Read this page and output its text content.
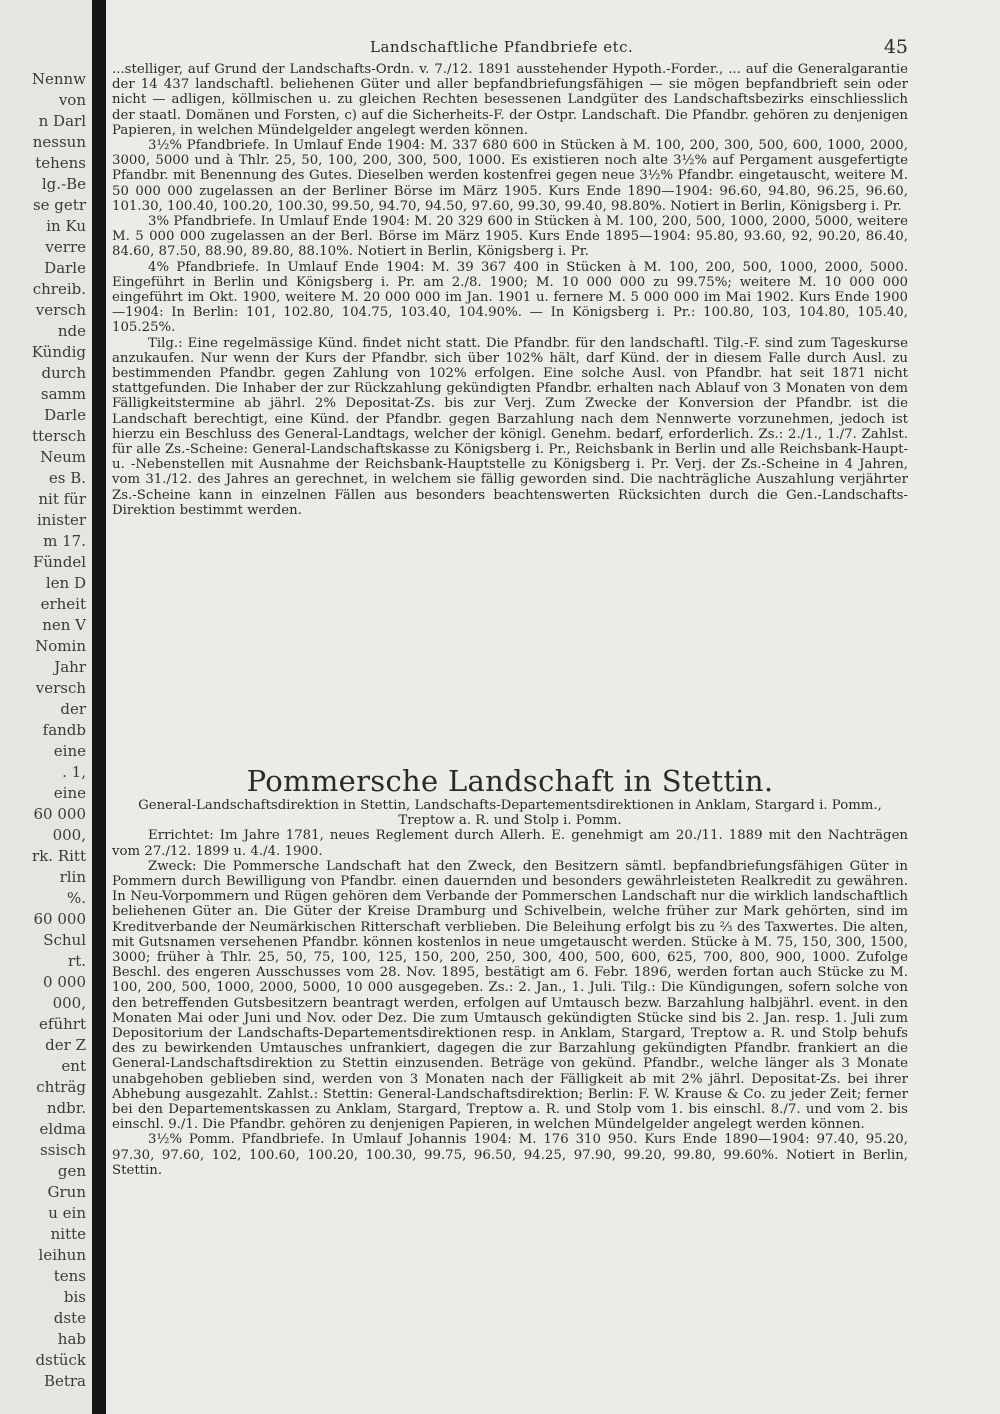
Nennw
von
n Darl
nessun
tehens
lg.-Be
se getr
in Ku
verre
Darle
chreib.
versch
nde
Kündig
durch
samm
Darle
ttersch
Neum
es B.
nit für
inister
m 17.
Fündel
len D
erheit
nen V
Nomin
Jahr
versch
der
fandb
eine
. 1,
eine
60 000
000,
rk. Ritt
rlin
%.
60 000
Schul
rt.
0 000
000,
eführt
der Z
ent
chträg
ndbr.
eldma
ssisch
gen
Grun
u ein
nitte
leihun
tens
bis
dste
hab
dstück
Betra
Landschaftliche Pfandbriefe etc.	45

...stelliger, auf Grund der Landschafts-Ordn. v. 7./12. 1891 ausstehender Hypoth.-Forder., ... auf die Generalgarantie der 14 437 landschaftl. beliehenen Güter und aller bepfandbriefungsfähigen — sie mögen bepfandbrieft sein oder nicht — adligen, köllmischen u. zu gleichen Rechten besessenen Landgüter des Landschaftsbezirks einschliesslich der staatl. Domänen und Forsten, c) auf die Sicherheits-F. der Ostpr. Landschaft. Die Pfandbr. gehören zu denjenigen Papieren, in welchen Mündelgelder angelegt werden können.

3½% Pfandbriefe. In Umlauf Ende 1904: M. 337 680 600 in Stücken à M. 100, 200, 300, 500, 600, 1000, 2000, 3000, 5000 und à Thlr. 25, 50, 100, 200, 300, 500, 1000. Es existieren noch alte 3½% auf Pergament ausgefertigte Pfandbr. mit Benennung des Gutes. Dieselben werden kostenfrei gegen neue 3½% Pfandbr. eingetauscht, weitere M. 50 000 000 zugelassen an der Berliner Börse im März 1905. Kurs Ende 1890—1904: 96.60, 94.80, 96.25, 96.60, 101.30, 100.40, 100.20, 100.30, 99.50, 94.70, 94.50, 97.60, 99.30, 99.40, 98.80%. Notiert in Berlin, Königsberg i. Pr.

3% Pfandbriefe. In Umlauf Ende 1904: M. 20 329 600 in Stücken à M. 100, 200, 500, 1000, 2000, 5000, weitere M. 5 000 000 zugelassen an der Berl. Börse im März 1905. Kurs Ende 1895—1904: 95.80, 93.60, 92, 90.20, 86.40, 84.60, 87.50, 88.90, 89.80, 88.10%. Notiert in Berlin, Königsberg i. Pr.

4% Pfandbriefe. In Umlauf Ende 1904: M. 39 367 400 in Stücken à M. 100, 200, 500, 1000, 2000, 5000. Eingeführt in Berlin und Königsberg i. Pr. am 2./8. 1900; M. 10 000 000 zu 99.75%; weitere M. 10 000 000 eingeführt im Okt. 1900, weitere M. 20 000 000 im Jan. 1901 u. fernere M. 5 000 000 im Mai 1902. Kurs Ende 1900—1904: In Berlin: 101, 102.80, 104.75, 103.40, 104.90%. — In Königsberg i. Pr.: 100.80, 103, 104.80, 105.40, 105.25%.

Tilg.: Eine regelmässige Künd. findet nicht statt. Die Pfandbr. für den landschaftl. Tilg.-F. sind zum Tageskurse anzukaufen. Nur wenn der Kurs der Pfandbr. sich über 102% hält, darf Künd. der in diesem Falle durch Ausl. zu bestimmenden Pfandbr. gegen Zahlung von 102% erfolgen. Eine solche Ausl. von Pfandbr. hat seit 1871 nicht stattgefunden. Die Inhaber der zur Rückzahlung gekündigten Pfandbr. erhalten nach Ablauf von 3 Monaten von dem Fälligkeitstermine ab jährl. 2% Depositat-Zs. bis zur Verj. Zum Zwecke der Konversion der Pfandbr. ist die Landschaft berechtigt, eine Künd. der Pfandbr. gegen Barzahlung nach dem Nennwerte vorzunehmen, jedoch ist hierzu ein Beschluss des General-Landtags, welcher der königl. Genehm. bedarf, erforderlich. Zs.: 2./1., 1./7. Zahlst. für alle Zs.-Scheine: General-Landschaftskasse zu Königsberg i. Pr., Reichsbank in Berlin und alle Reichsbank-Haupt- u. -Nebenstellen mit Ausnahme der Reichsbank-Hauptstelle zu Königsberg i. Pr. Verj. der Zs.-Scheine in 4 Jahren, vom 31./12. des Jahres an gerechnet, in welchem sie fällig geworden sind. Die nachträgliche Auszahlung verjährter Zs.-Scheine kann in einzelnen Fällen aus besonders beachtenswerten Rücksichten durch die Gen.-Landschafts-Direktion bestimmt werden.

Pommersche Landschaft in Stettin.

General-Landschaftsdirektion in Stettin, Landschafts-Departementsdirektionen in Anklam, Stargard i. Pomm., Treptow a. R. und Stolp i. Pomm.

Errichtet: Im Jahre 1781, neues Reglement durch Allerh. E. genehmigt am 20./11. 1889 mit den Nachträgen vom 27./12. 1899 u. 4./4. 1900.

Zweck: Die Pommersche Landschaft hat den Zweck, den Besitzern sämtl. bepfandbriefungsfähigen Güter in Pommern durch Bewilligung von Pfandbr. einen dauernden und besonders gewährleisteten Realkredit zu gewähren. In Neu-Vorpommern und Rügen gehören dem Verbande der Pommerschen Landschaft nur die wirklich landschaftlich beliehenen Güter an. Die Güter der Kreise Dramburg und Schivelbein, welche früher zur Mark gehörten, sind im Kreditverbande der Neumärkischen Ritterschaft verblieben. Die Beleihung erfolgt bis zu ⅔ des Taxwertes. Die alten, mit Gutsnamen versehenen Pfandbr. können kostenlos in neue umgetauscht werden. Stücke à M. 75, 150, 300, 1500, 3000; früher à Thlr. 25, 50, 75, 100, 125, 150, 200, 250, 300, 400, 500, 600, 625, 700, 800, 900, 1000. Zufolge Beschl. des engeren Ausschusses vom 28. Nov. 1895, bestätigt am 6. Febr. 1896, werden fortan auch Stücke zu M. 100, 200, 500, 1000, 2000, 5000, 10 000 ausgegeben. Zs.: 2. Jan., 1. Juli. Tilg.: Die Kündigungen, sofern solche von den betreffenden Gutsbesitzern beantragt werden, erfolgen auf Umtausch bezw. Barzahlung halbjährl. event. in den Monaten Mai oder Juni und Nov. oder Dez. Die zum Umtausch gekündigten Stücke sind bis 2. Jan. resp. 1. Juli zum Depositorium der Landschafts-Departementsdirektionen resp. in Anklam, Stargard, Treptow a. R. und Stolp behufs des zu bewirkenden Umtausches unfrankiert, dagegen die zur Barzahlung gekündigten Pfandbr. frankiert an die General-Landschaftsdirektion zu Stettin einzusenden. Beträge von gekünd. Pfandbr., welche länger als 3 Monate unabgehoben geblieben sind, werden von 3 Monaten nach der Fälligkeit ab mit 2% jährl. Depositat-Zs. bei ihrer Abhebung ausgezahlt. Zahlst.: Stettin: General-Landschaftsdirektion; Berlin: F. W. Krause & Co. zu jeder Zeit; ferner bei den Departementskassen zu Anklam, Stargard, Treptow a. R. und Stolp vom 1. bis einschl. 8./7. und vom 2. bis einschl. 9./1. Die Pfandbr. gehören zu denjenigen Papieren, in welchen Mündelgelder angelegt werden können.

3½% Pomm. Pfandbriefe. In Umlauf Johannis 1904: M. 176 310 950. Kurs Ende 1890—1904: 97.40, 95.20, 97.30, 97.60, 102, 100.60, 100.20, 100.30, 99.75, 96.50, 94.25, 97.90, 99.20, 99.80, 99.60%. Notiert in Berlin, Stettin.
